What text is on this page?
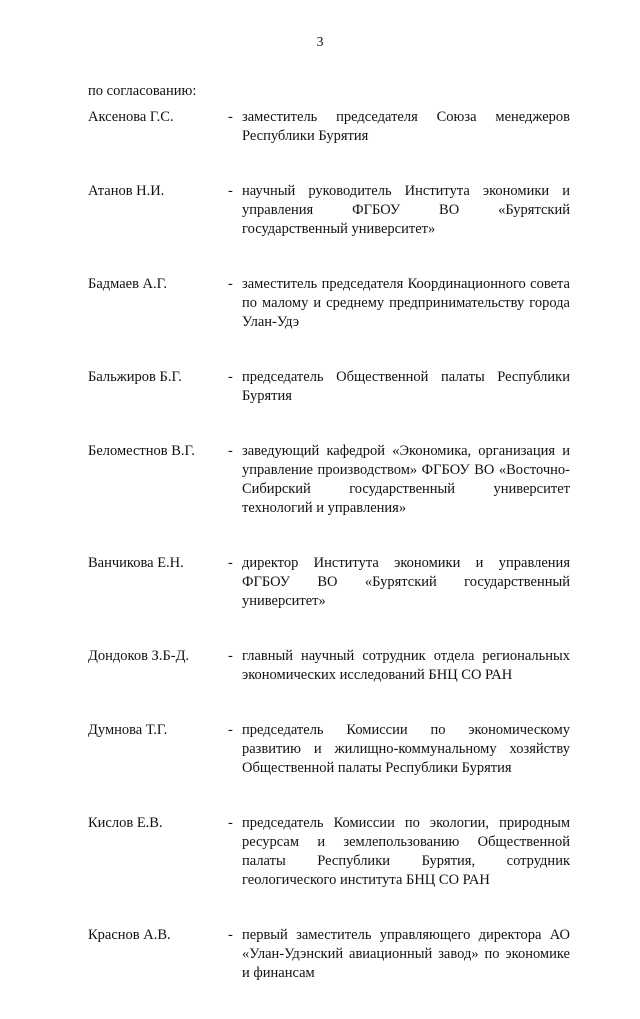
3
по согласованию:
Аксенова Г.С.	- заместитель председателя Союза менеджеров Республики Бурятия
Атанов Н.И.	- научный руководитель Института экономики и управления ФГБОУ ВО «Бурятский государственный университет»
Бадмаев А.Г.	- заместитель председателя Координационного совета по малому и среднему предпринимательству города Улан-Удэ
Бальжиров Б.Г.	- председатель Общественной палаты Республики Бурятия
Беломестнов В.Г.	- заведующий кафедрой «Экономика, организация и управление производством» ФГБОУ ВО «Восточно-Сибирский государственный университет технологий и управления»
Ванчикова Е.Н.	- директор Института экономики и управления ФГБОУ ВО «Бурятский государственный университет»
Дондоков З.Б-Д.	- главный научный сотрудник отдела региональных экономических исследований БНЦ СО РАН
Думнова Т.Г.	- председатель Комиссии по экономическому развитию и жилищно-коммунальному хозяйству Общественной палаты Республики Бурятия
Кислов Е.В.	- председатель Комиссии по экологии, природным ресурсам и землепользованию Общественной палаты Республики Бурятия, сотрудник геологического института БНЦ СО РАН
Краснов А.В.	- первый заместитель управляющего директора АО «Улан-Удэнский авиационный завод» по экономике и финансам
